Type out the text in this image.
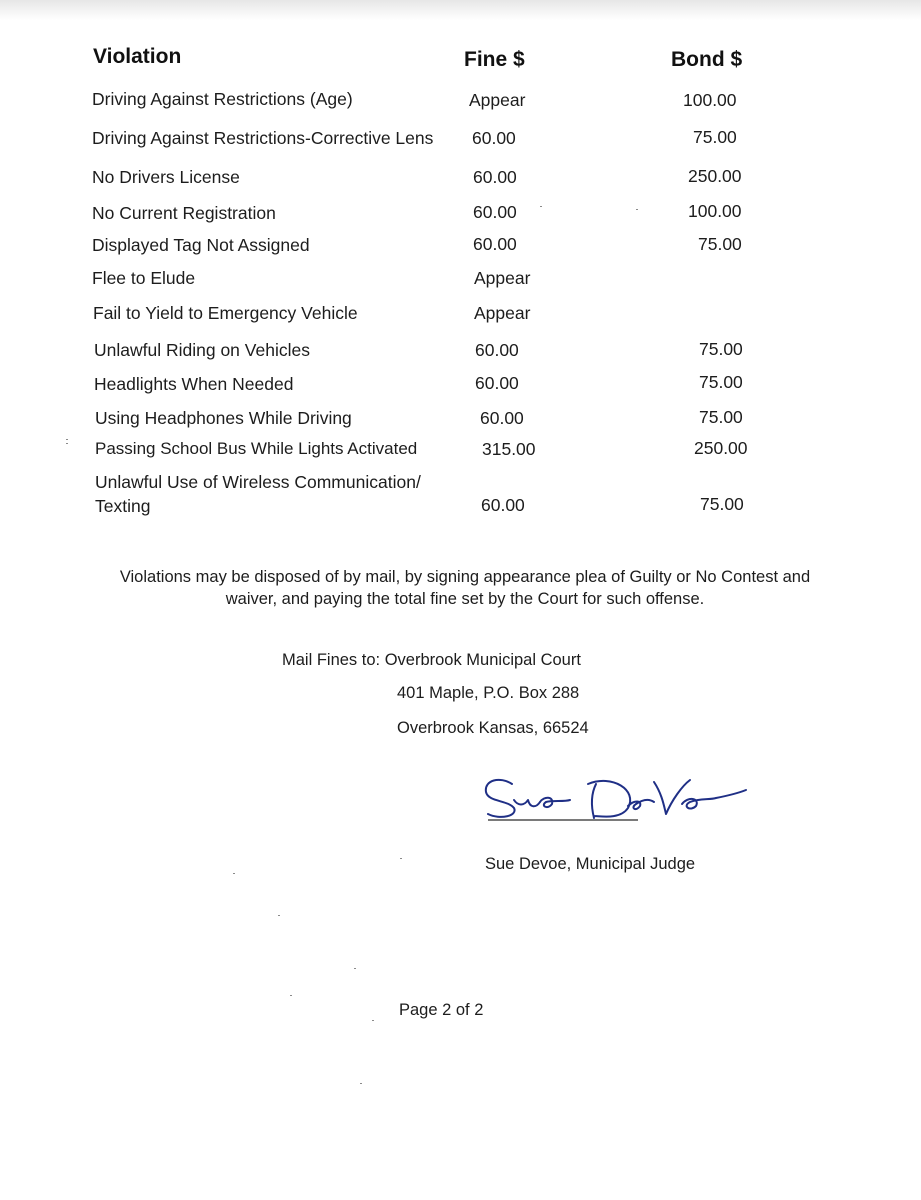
Violation	Fine $	Bond $
Driving Against Restrictions (Age)	Appear	100.00
Driving Against Restrictions-Corrective Lens 60.00	75.00
No Drivers License	60.00	250.00
No Current Registration	60.00	100.00
Displayed Tag Not Assigned	60.00	75.00
Flee to Elude	Appear
Fail to Yield to Emergency Vehicle	Appear
Unlawful Riding on Vehicles	60.00	75.00
Headlights When Needed	60.00	75.00
Using Headphones While Driving	60.00	75.00
Passing School Bus While Lights Activated	315.00	250.00
Unlawful Use of Wireless Communication/
Texting	60.00	75.00
Violations may be disposed of by mail, by signing appearance plea of Guilty or No Contest and waiver, and paying the total fine set by the Court for such offense.
Mail Fines to: Overbrook Municipal Court
401 Maple, P.O. Box 288
Overbrook Kansas, 66524
Sue Devoe, Municipal Judge
Page 2 of 2
